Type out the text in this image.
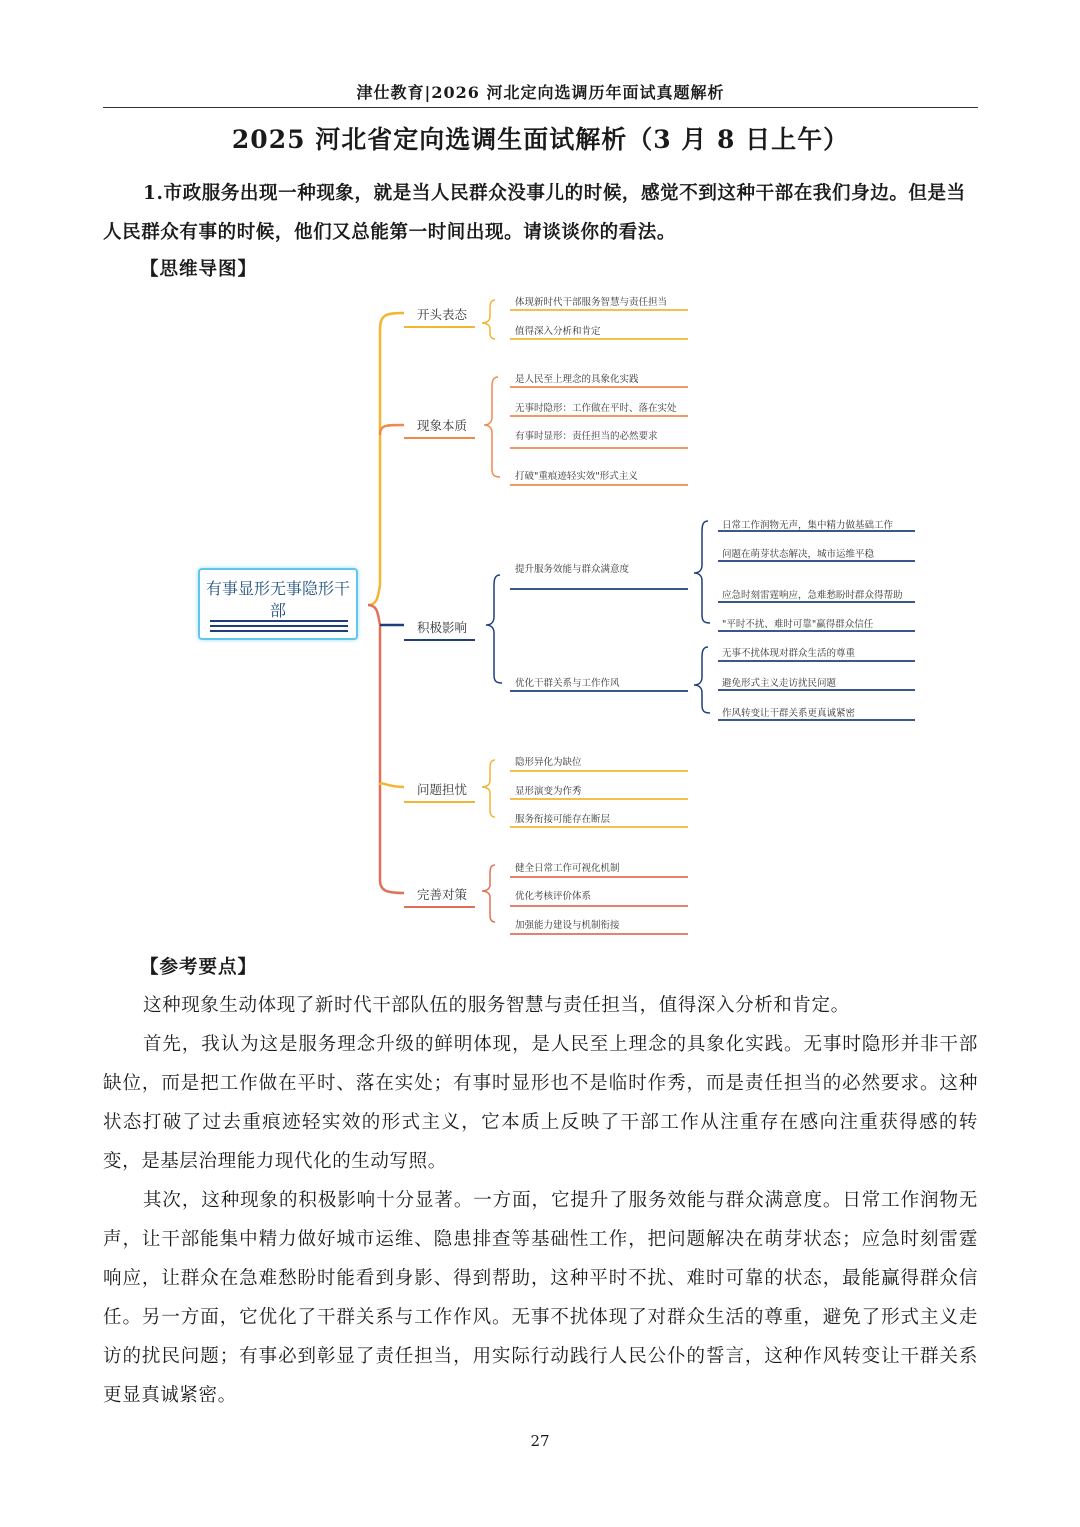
津仕教育|2026 河北定向选调历年面试真题解析
2025 河北省定向选调生面试解析（3 月 8 日上午）
1.市政服务出现一种现象，就是当人民群众没事儿的时候，感觉不到这种干部在我们身边。但是当人民群众有事的时候，他们又总能第一时间出现。请谈谈你的看法。
【思维导图】
有事显形无事隐形干部
开头表态
现象本质
积极影响
问题担忧
完善对策
体现新时代干部服务智慧与责任担当
值得深入分析和肯定
是人民至上理念的具象化实践
无事时隐形：工作做在平时、落在实处
有事时显形：责任担当的必然要求
打破"重痕迹轻实效"形式主义
提升服务效能与群众满意度
优化干群关系与工作作风
日常工作润物无声，集中精力做基础工作
问题在萌芽状态解决，城市运维平稳
应急时刻雷霆响应，急难愁盼时群众得帮助
"平时不扰、难时可靠"赢得群众信任
无事不扰体现对群众生活的尊重
避免形式主义走访扰民问题
作风转变让干群关系更真诚紧密
隐形异化为缺位
显形演变为作秀
服务衔接可能存在断层
健全日常工作可视化机制
优化考核评价体系
加强能力建设与机制衔接
【参考要点】
这种现象生动体现了新时代干部队伍的服务智慧与责任担当，值得深入分析和肯定。
首先，我认为这是服务理念升级的鲜明体现，是人民至上理念的具象化实践。无事时隐形并非干部缺位，而是把工作做在平时、落在实处；有事时显形也不是临时作秀，而是责任担当的必然要求。这种状态打破了过去重痕迹轻实效的形式主义，它本质上反映了干部工作从注重存在感向注重获得感的转变，是基层治理能力现代化的生动写照。
其次，这种现象的积极影响十分显著。一方面，它提升了服务效能与群众满意度。日常工作润物无声，让干部能集中精力做好城市运维、隐患排查等基础性工作，把问题解决在萌芽状态；应急时刻雷霆响应，让群众在急难愁盼时能看到身影、得到帮助，这种平时不扰、难时可靠的状态，最能赢得群众信任。另一方面，它优化了干群关系与工作作风。无事不扰体现了对群众生活的尊重，避免了形式主义走访的扰民问题；有事必到彰显了责任担当，用实际行动践行人民公仆的誓言，这种作风转变让干群关系更显真诚紧密。
27
